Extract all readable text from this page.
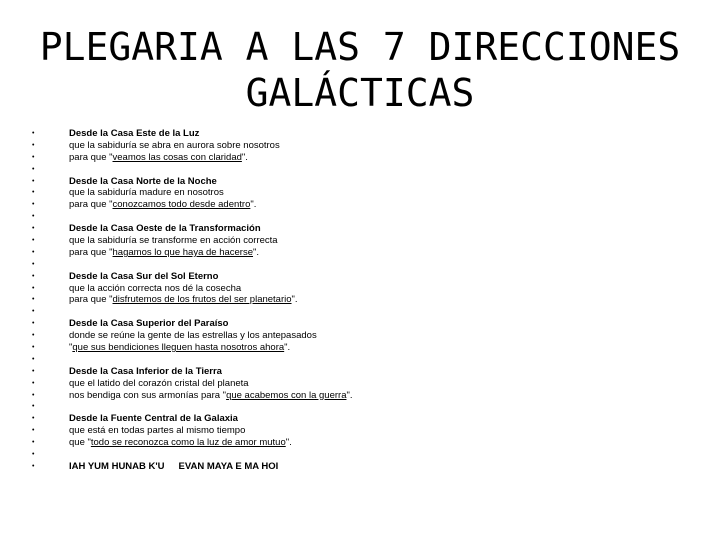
PLEGARIA A LAS 7 DIRECCIONES
GALÁCTICAS
•	Desde la Casa Este de la Luz
•	que la sabiduría se abra en aurora sobre nosotros
•	para que "veamos las cosas con claridad".
•
•	Desde la Casa Norte de la Noche
•	que la sabiduría madure en nosotros
•	para que "conozcamos todo desde adentro".
•
•	Desde la Casa Oeste de la Transformación
•	que la sabiduría se transforme en acción correcta
•	para que "hagamos lo que haya de hacerse".
•
•	Desde la Casa Sur del Sol Eterno
•	que la acción correcta nos dé la cosecha
•	para que "disfrutemos de los frutos del ser planetario".
•
•	Desde la Casa Superior del Paraíso
•	donde se reúne la gente de las estrellas y los antepasados
•	"que sus bendiciones lleguen hasta nosotros ahora".
•
•	Desde la Casa Inferior de la Tierra
•	que el latido del corazón cristal del planeta
•	nos bendiga con sus armonías para "que acabemos con la guerra".
•
•	Desde la Fuente Central de la Galaxia
•	que está en todas partes al mismo tiempo
•	que "todo se reconozca como la luz de amor mutuo".
•
•	IAH YUM HUNAB K'U EVAN MAYA E MA HOI
